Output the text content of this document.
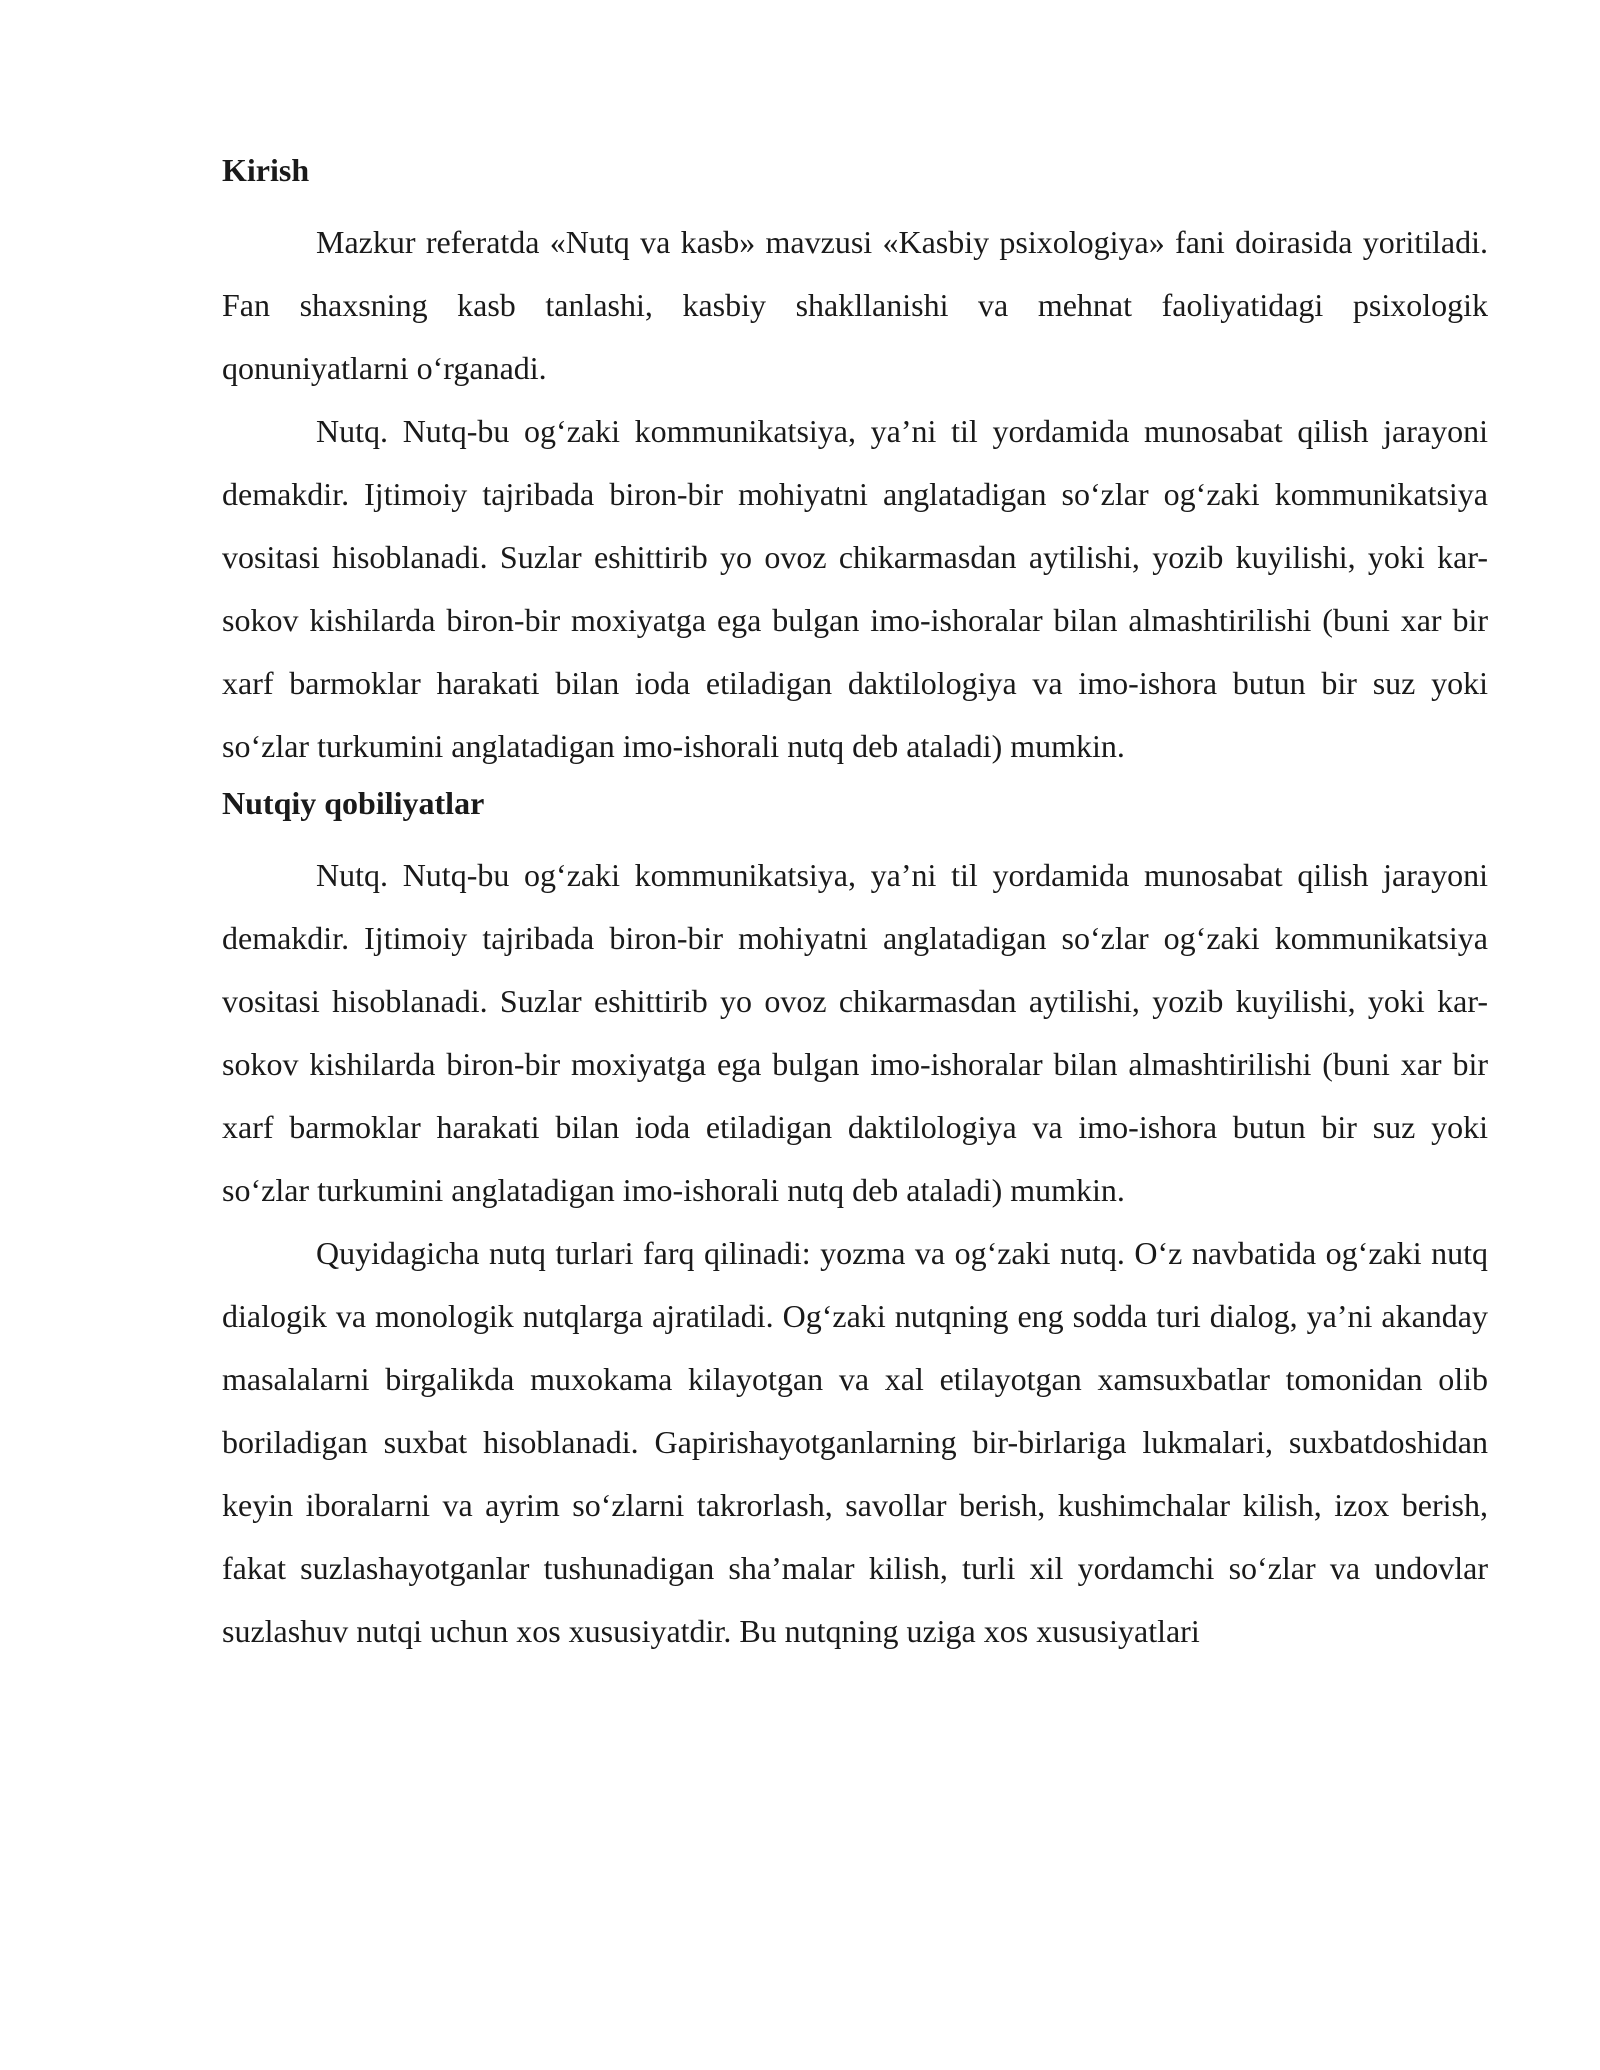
Kirish

Mazkur referatda «Nutq va kasb» mavzusi «Kasbiy psixologiya» fani doirasida yoritiladi. Fan shaxsning kasb tanlashi, kasbiy shakllanishi va mehnat faoliyatidagi psixologik qonuniyatlarni oʻrganadi.

Nutq. Nutq-bu ogʻzaki kommunikatsiya, yaʼni til yordamida munosabat qilish jarayoni demakdir. Ijtimoiy tajribada biron-bir mohiyatni anglatadigan soʻzlar ogʻzaki kommunikatsiya vositasi hisoblanadi. Suzlar eshittirib yo ovoz chikarmasdan aytilishi, yozib kuyilishi, yoki kar-sokov kishilarda biron-bir moxiyatga ega bulgan imo-ishoralar bilan almashtirilishi (buni xar bir xarf barmoklar harakati bilan ioda etiladigan daktilologiya va imo-ishora butun bir suz yoki soʻzlar turkumini anglatadigan imo-ishorali nutq deb ataladi) mumkin.

Nutqiy qobiliyatlar

Nutq. Nutq-bu ogʻzaki kommunikatsiya, yaʼni til yordamida munosabat qilish jarayoni demakdir. Ijtimoiy tajribada biron-bir mohiyatni anglatadigan soʻzlar ogʻzaki kommunikatsiya vositasi hisoblanadi. Suzlar eshittirib yo ovoz chikarmasdan aytilishi, yozib kuyilishi, yoki kar-sokov kishilarda biron-bir moxiyatga ega bulgan imo-ishoralar bilan almashtirilishi (buni xar bir xarf barmoklar harakati bilan ioda etiladigan daktilologiya va imo-ishora butun bir suz yoki soʻzlar turkumini anglatadigan imo-ishorali nutq deb ataladi) mumkin.

Quyidagicha nutq turlari farq qilinadi: yozma va ogʻzaki nutq. Oʻz navbatida ogʻzaki nutq dialogik va monologik nutqlarga ajratiladi. Ogʻzaki nutqning eng sodda turi dialog, yaʼni akanday masalalarni birgalikda muxokama kilayotgan va xal etilayotgan xamsuxbatlar tomonidan olib boriladigan suxbat hisoblanadi. Gapirishayotganlarning bir-birlariga lukmalari, suxbatdoshidan keyin iboralarni va ayrim soʻzlarni takrorlash, savollar berish, kushimchalar kilish, izox berish, fakat suzlashayotganlar tushunadigan shaʼmalar kilish, turli xil yordamchi soʻzlar va undovlar suzlashuv nutqi uchun xos xususiyatdir. Bu nutqning uziga xos xususiyatlari
